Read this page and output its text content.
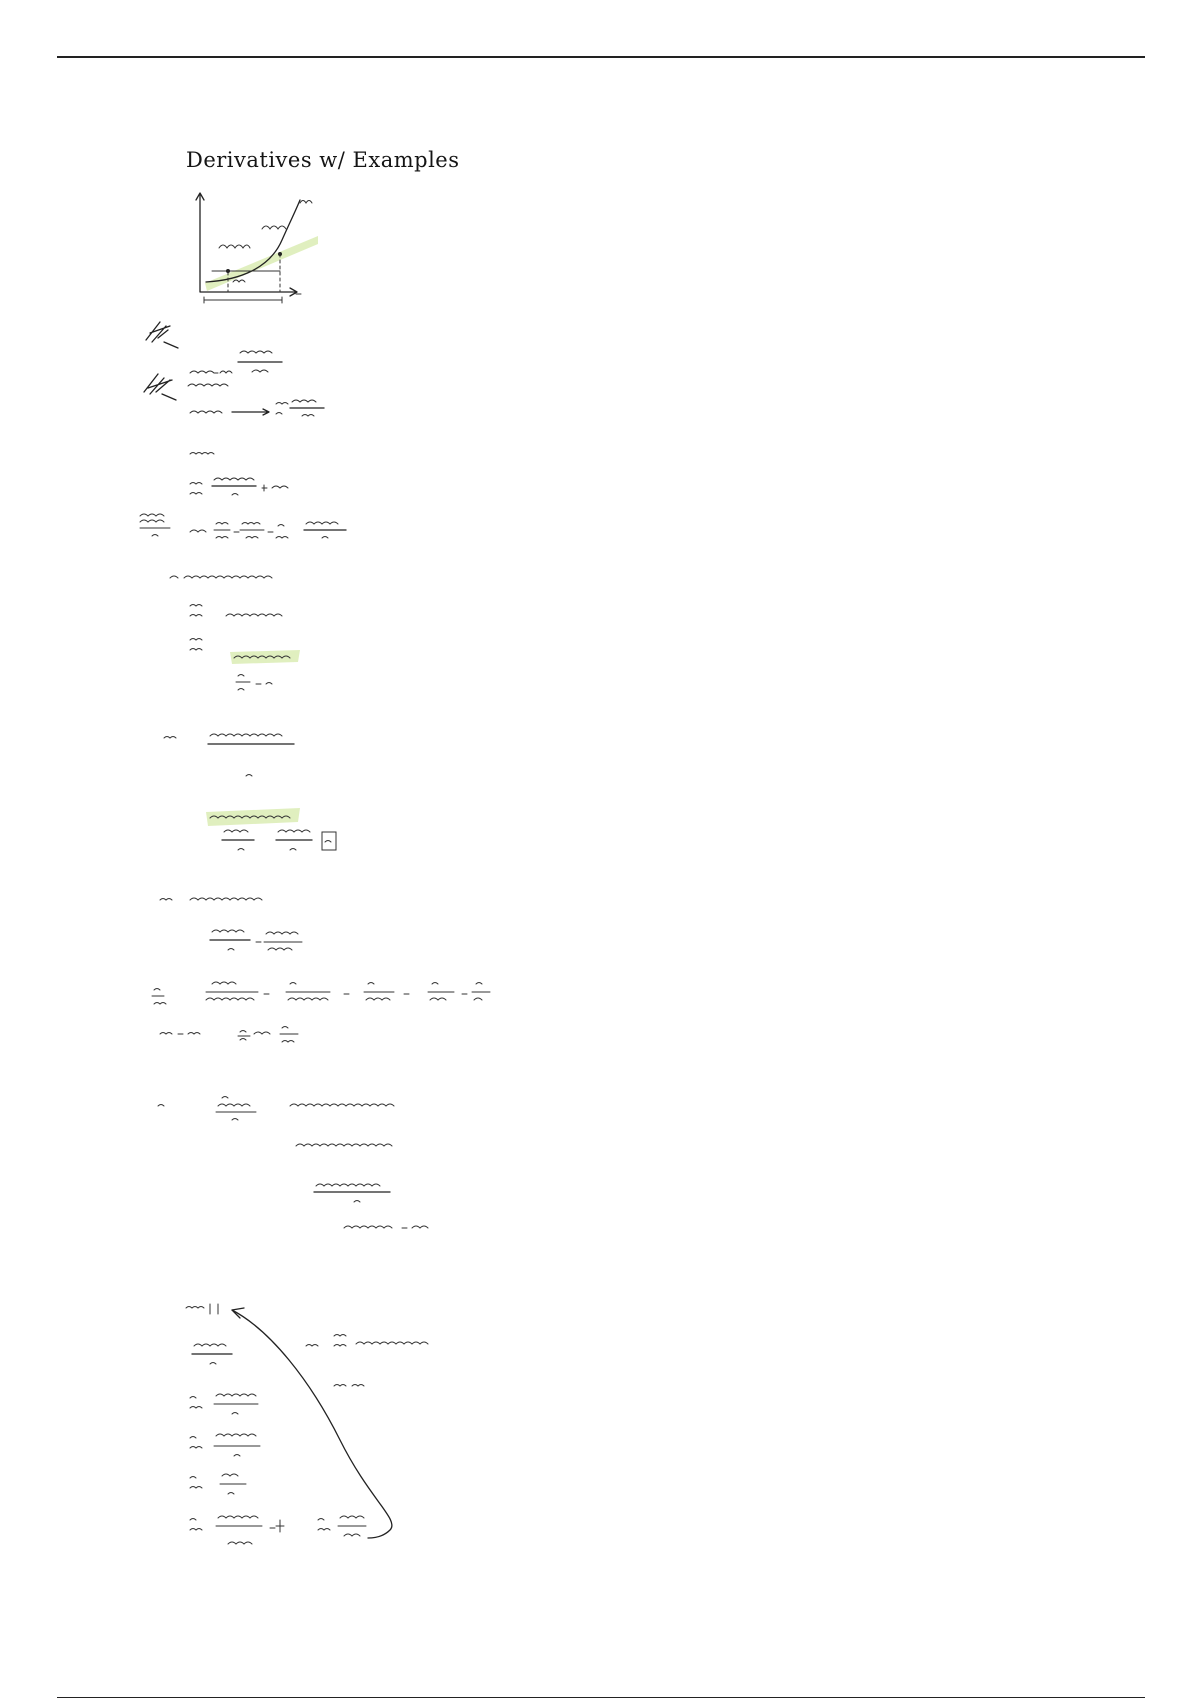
Derivatives w/ Examples
